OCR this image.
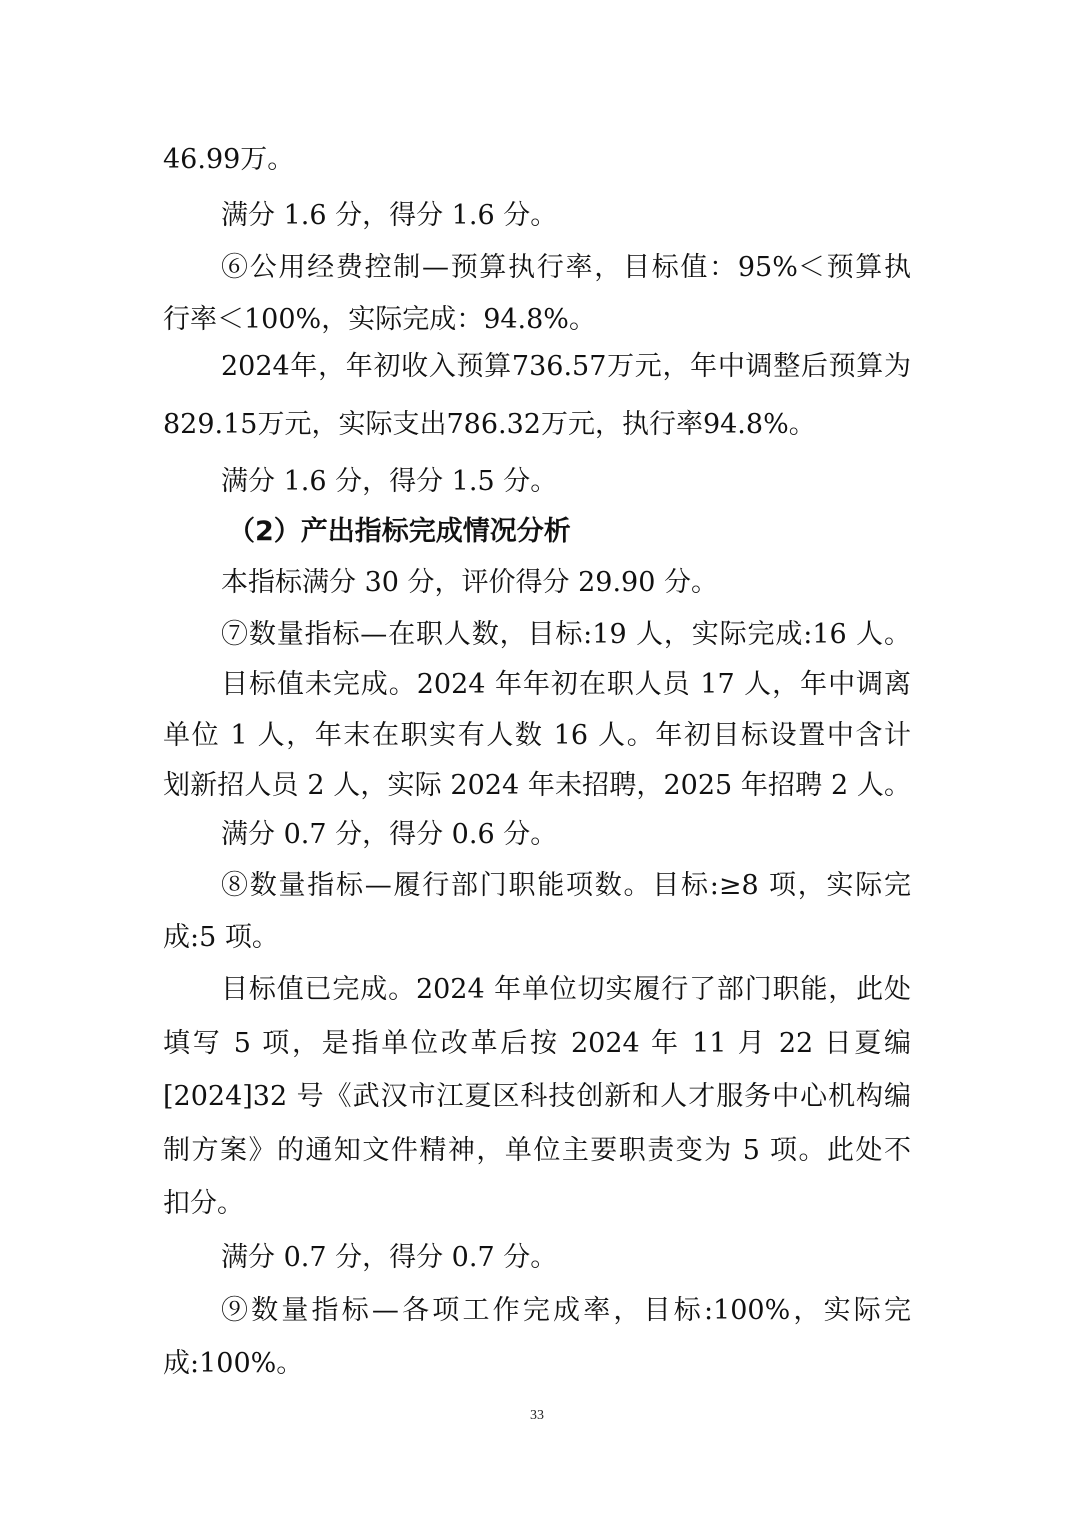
46.99万。
满分 1.6 分，得分 1.6 分。
⑥公用经费控制—预算执行率，目标值：95%＜预算执
行率＜100%，实际完成：94.8%。
2024年，年初收入预算736.57万元，年中调整后预算为
829.15万元，实际支出786.32万元，执行率94.8%。
满分 1.6 分，得分 1.5 分。
（2）产出指标完成情况分析
本指标满分 30 分，评价得分 29.90 分。
⑦数量指标—在职人数，目标:19 人，实际完成:16 人。
目标值未完成。2024 年年初在职人员 17 人，年中调离
单位 1 人，年末在职实有人数 16 人。年初目标设置中含计
划新招人员 2 人，实际 2024 年未招聘，2025 年招聘 2 人。
满分 0.7 分，得分 0.6 分。
⑧数量指标—履行部门职能项数。目标:≥8 项，实际完
成:5 项。
目标值已完成。2024 年单位切实履行了部门职能，此处
填写 5 项，是指单位改革后按 2024 年 11 月 22 日夏编
[2024]32 号《武汉市江夏区科技创新和人才服务中心机构编
制方案》的通知文件精神，单位主要职责变为 5 项。此处不
扣分。
满分 0.7 分，得分 0.7 分。
⑨数量指标—各项工作完成率，目标:100%，实际完
成:100%。
33
